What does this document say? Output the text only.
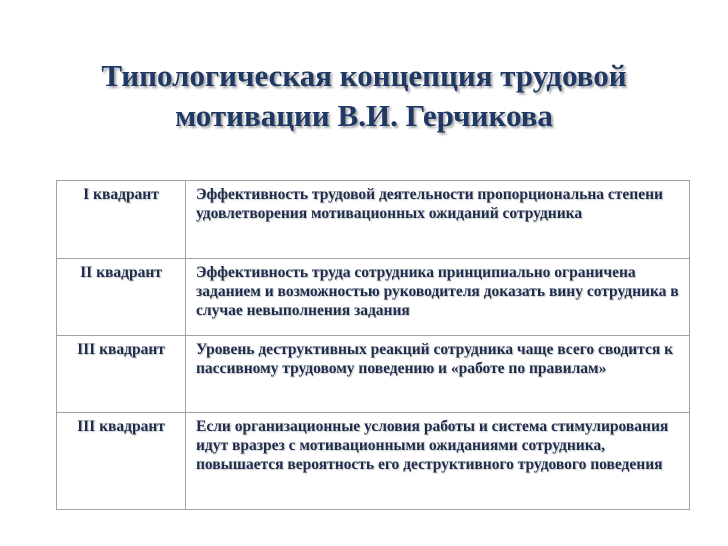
Типологическая концепция трудовой
мотивации В.И. Герчикова
I квадрант	Эффективность трудовой деятельности пропорциональна степени удовлетворения мотивационных ожиданий сотрудника
II квадрант	Эффективность труда сотрудника принципиально ограничена заданием и возможностью руководителя доказать вину сотрудника в случае невыполнения задания
III квадрант	Уровень деструктивных реакций сотрудника чаще всего сводится к пассивному трудовому поведению и «работе по правилам»
III квадрант	Если организационные условия работы и система стимулирования идут вразрез с мотивационными ожиданиями сотрудника, повышается вероятность его деструктивного трудового поведения
